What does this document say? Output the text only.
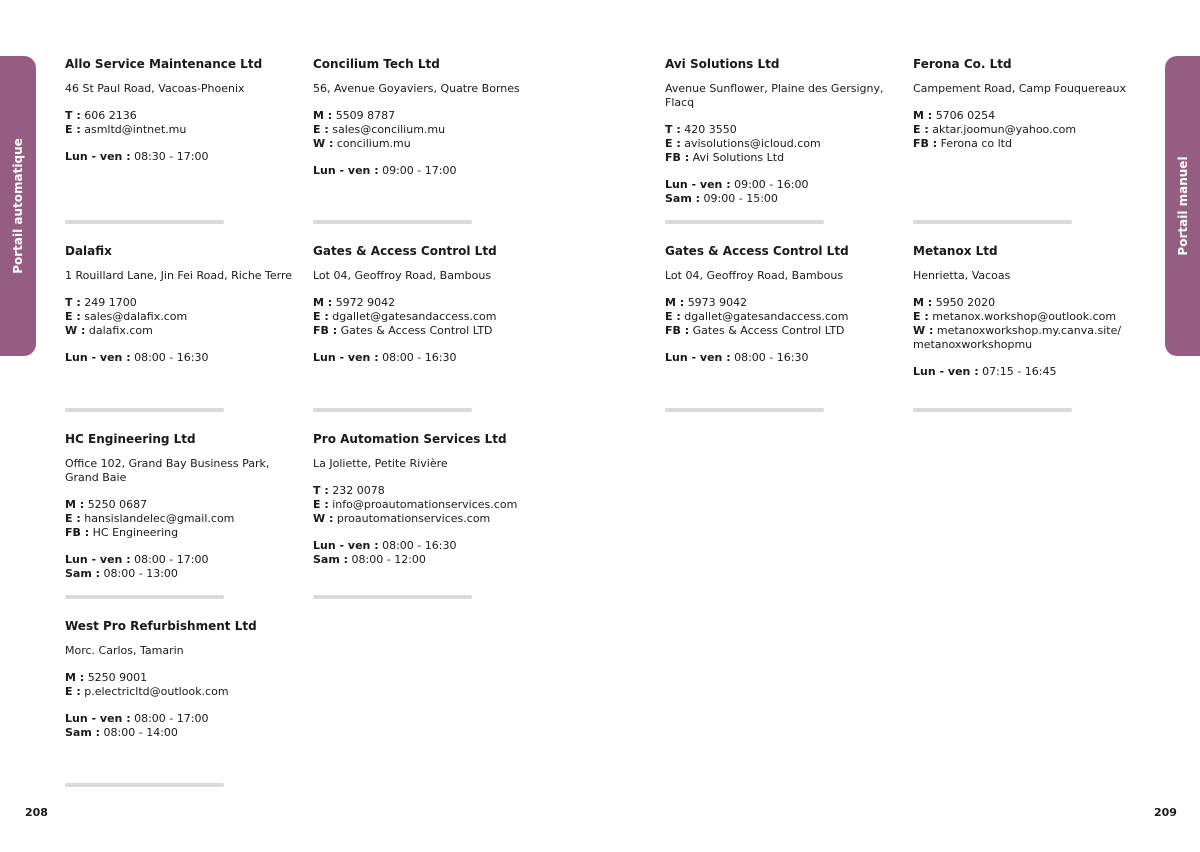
Portail automatique	Portail manuel
Allo Service Maintenance Ltd
46 St Paul Road, Vacoas-Phoenix
T : 606 2136
E : asmltd@intnet.mu
Lun - ven : 08:30 - 17:00
Concilium Tech Ltd
56, Avenue Goyaviers, Quatre Bornes
M : 5509 8787
E : sales@concilium.mu
W : concilium.mu
Lun - ven : 09:00 - 17:00
Avi Solutions Ltd
Avenue Sunflower, Plaine des Gersigny, Flacq
T : 420 3550
E : avisolutions@icloud.com
FB : Avi Solutions Ltd
Lun - ven : 09:00 - 16:00
Sam : 09:00 - 15:00
Ferona Co. Ltd
Campement Road, Camp Fouquereaux
M : 5706 0254
E : aktar.joomun@yahoo.com
FB : Ferona co ltd
Dalafix
1 Rouillard Lane, Jin Fei Road, Riche Terre
T : 249 1700
E : sales@dalafix.com
W : dalafix.com
Lun - ven : 08:00 - 16:30
Gates & Access Control Ltd
Lot 04, Geoffroy Road, Bambous
M : 5972 9042
E : dgallet@gatesandaccess.com
FB : Gates & Access Control LTD
Lun - ven : 08:00 - 16:30
Gates & Access Control Ltd
Lot 04, Geoffroy Road, Bambous
M : 5973 9042
E : dgallet@gatesandaccess.com
FB : Gates & Access Control LTD
Lun - ven : 08:00 - 16:30
Metanox Ltd
Henrietta, Vacoas
M : 5950 2020
E : metanox.workshop@outlook.com
W : metanoxworkshop.my.canva.site/ metanoxworkshopmu
Lun - ven : 07:15 - 16:45
HC Engineering Ltd
Office 102, Grand Bay Business Park, Grand Baie
M : 5250 0687
E : hansislandelec@gmail.com
FB : HC Engineering
Lun - ven : 08:00 - 17:00
Sam : 08:00 - 13:00
Pro Automation Services Ltd
La Joliette, Petite Rivière
T : 232 0078
E : info@proautomationservices.com
W : proautomationservices.com
Lun - ven : 08:00 - 16:30
Sam : 08:00 - 12:00
West Pro Refurbishment Ltd
Morc. Carlos, Tamarin
M : 5250 9001
E : p.electricltd@outlook.com
Lun - ven : 08:00 - 17:00
Sam : 08:00 - 14:00
208	209
